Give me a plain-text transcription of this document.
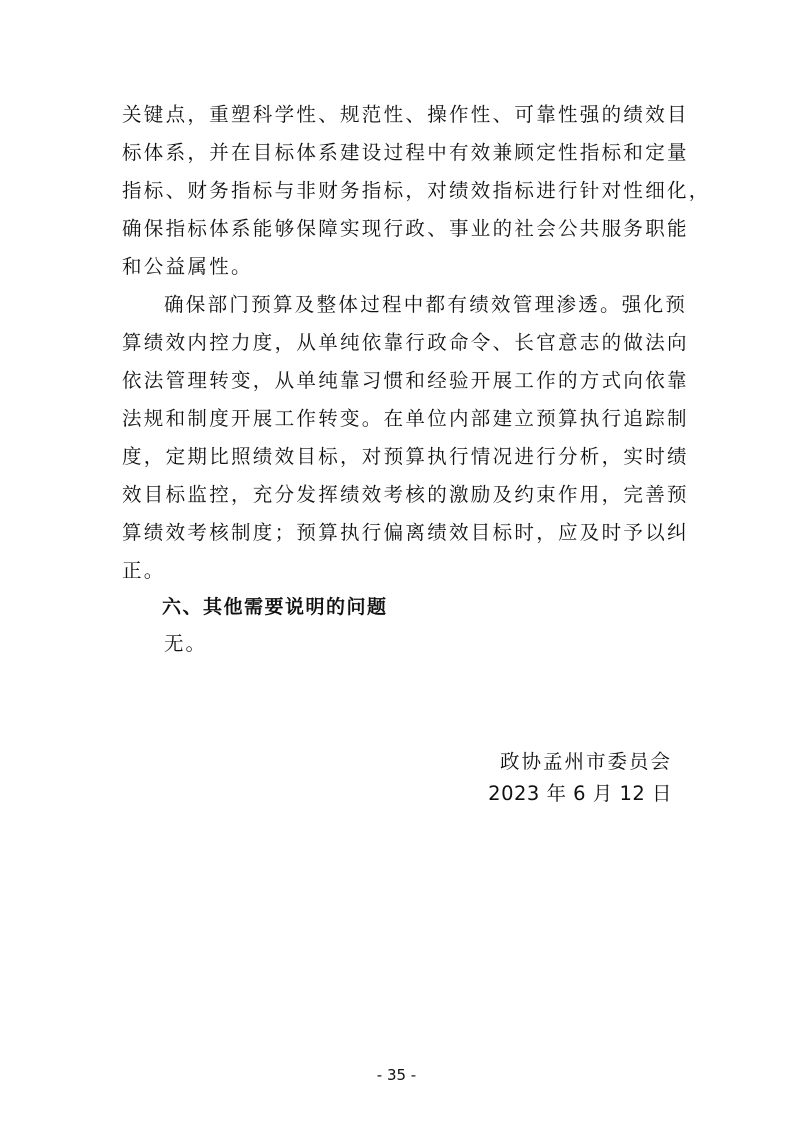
关键点，重塑科学性、规范性、操作性、可靠性强的绩效目
标体系，并在目标体系建设过程中有效兼顾定性指标和定量
指标、财务指标与非财务指标，对绩效指标进行针对性细化，
确保指标体系能够保障实现行政、事业的社会公共服务职能
和公益属性。
确保部门预算及整体过程中都有绩效管理渗透。强化预
算绩效内控力度，从单纯依靠行政命令、长官意志的做法向
依法管理转变，从单纯靠习惯和经验开展工作的方式向依靠
法规和制度开展工作转变。在单位内部建立预算执行追踪制
度，定期比照绩效目标，对预算执行情况进行分析，实时绩
效目标监控，充分发挥绩效考核的激励及约束作用，完善预
算绩效考核制度；预算执行偏离绩效目标时，应及时予以纠
正。

六、其他需要说明的问题

无。

政协孟州市委员会

2023 年 6 月 12 日

- 35 -
